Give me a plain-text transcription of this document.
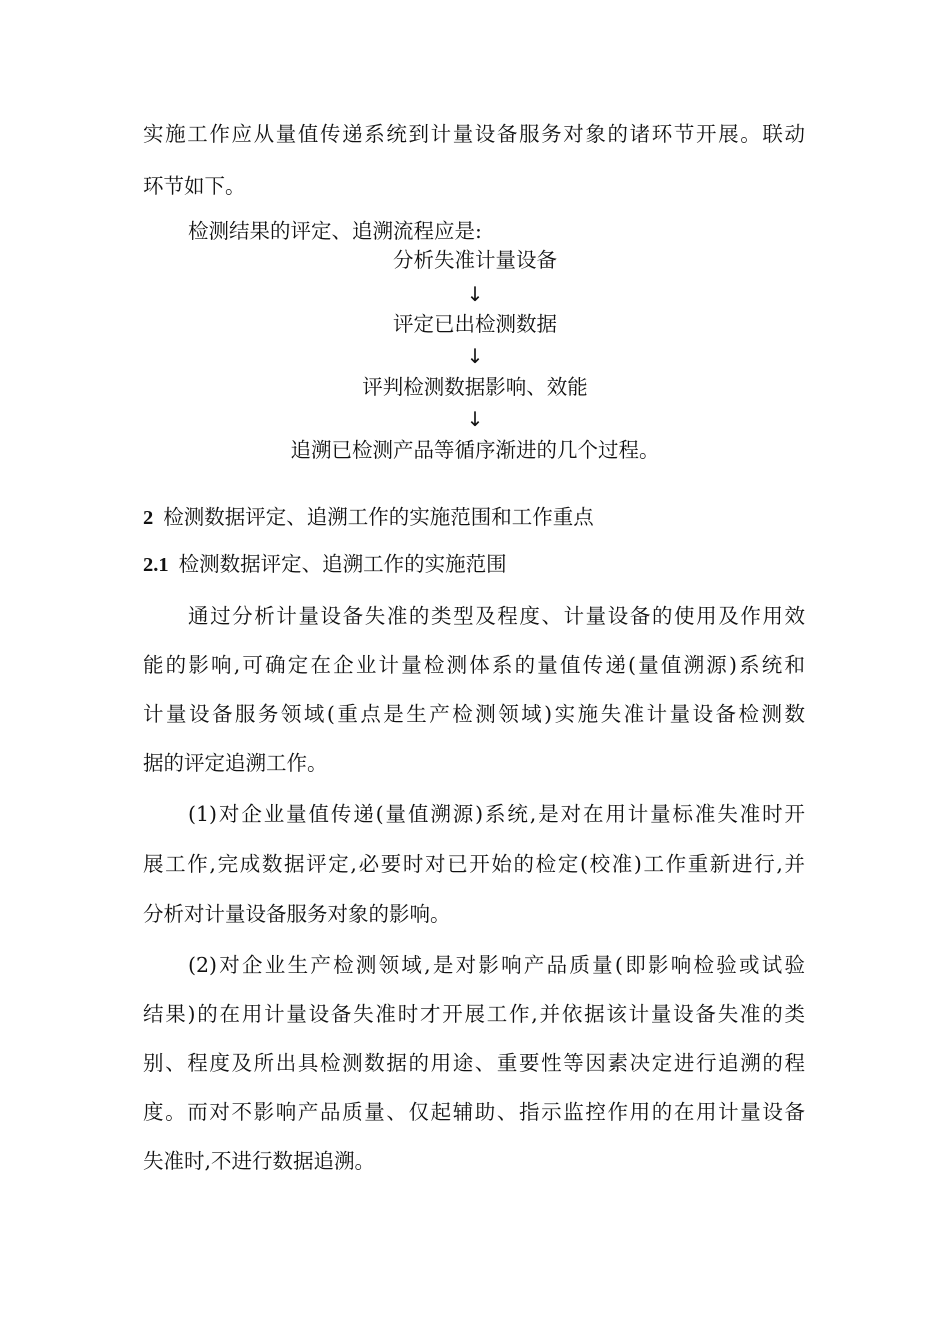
实施工作应从量值传递系统到计量设备服务对象的诸环节开展。联动
环节如下。
检测结果的评定、追溯流程应是:
分析失准计量设备
↓
评定已出检测数据
↓
评判检测数据影响、效能
↓
追溯已检测产品等循序渐进的几个过程。
2 检测数据评定、追溯工作的实施范围和工作重点
2.1 检测数据评定、追溯工作的实施范围
通过分析计量设备失准的类型及程度、计量设备的使用及作用效
能的影响,可确定在企业计量检测体系的量值传递(量值溯源)系统和
计量设备服务领域(重点是生产检测领域)实施失准计量设备检测数
据的评定追溯工作。
(1)对企业量值传递(量值溯源)系统,是对在用计量标准失准时开
展工作,完成数据评定,必要时对已开始的检定(校准)工作重新进行,并
分析对计量设备服务对象的影响。
(2)对企业生产检测领域,是对影响产品质量(即影响检验或试验
结果)的在用计量设备失准时才开展工作,并依据该计量设备失准的类
别、程度及所出具检测数据的用途、重要性等因素决定进行追溯的程
度。而对不影响产品质量、仅起辅助、指示监控作用的在用计量设备
失准时,不进行数据追溯。
